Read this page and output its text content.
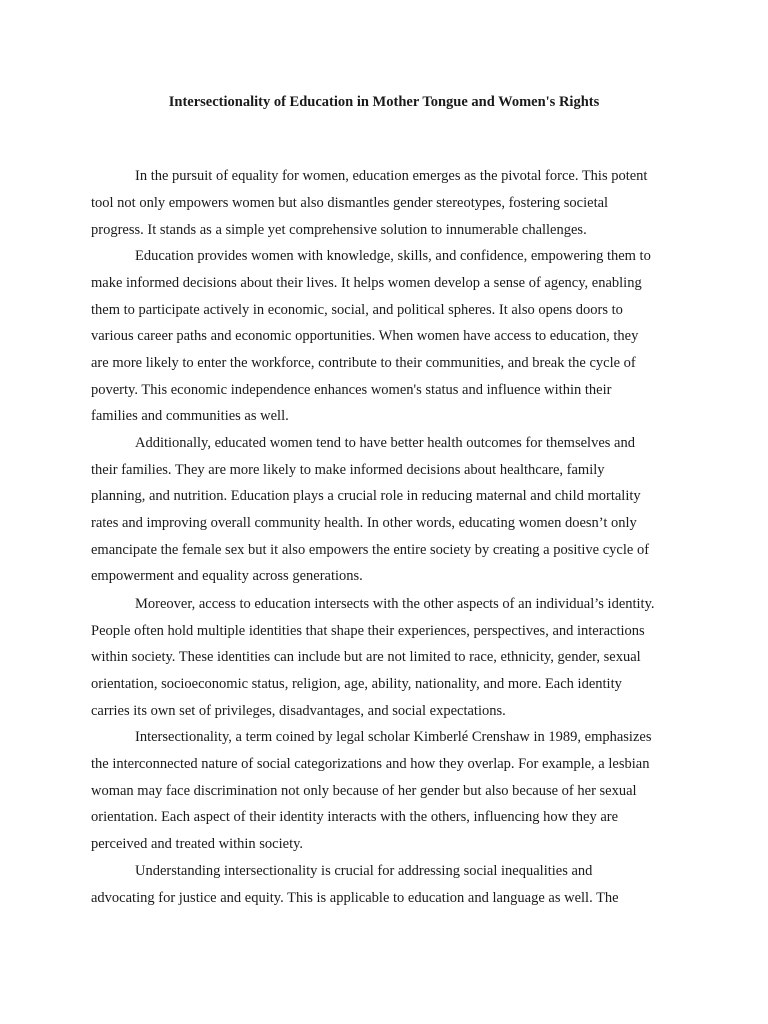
Intersectionality of Education in Mother Tongue and Women's Rights
In the pursuit of equality for women, education emerges as the pivotal force. This potent
tool not only empowers women but also dismantles gender stereotypes, fostering societal
progress. It stands as a simple yet comprehensive solution to innumerable challenges.
Education provides women with knowledge, skills, and confidence, empowering them to
make informed decisions about their lives. It helps women develop a sense of agency, enabling
them to participate actively in economic, social, and political spheres. It also opens doors to
various career paths and economic opportunities. When women have access to education, they
are more likely to enter the workforce, contribute to their communities, and break the cycle of
poverty. This economic independence enhances women's status and influence within their
families and communities as well.
Additionally, educated women tend to have better health outcomes for themselves and
their families. They are more likely to make informed decisions about healthcare, family
planning, and nutrition. Education plays a crucial role in reducing maternal and child mortality
rates and improving overall community health. In other words, educating women doesn’t only
emancipate the female sex but it also empowers the entire society by creating a positive cycle of
empowerment and equality across generations.
Moreover, access to education intersects with the other aspects of an individual’s identity.
People often hold multiple identities that shape their experiences, perspectives, and interactions
within society. These identities can include but are not limited to race, ethnicity, gender, sexual
orientation, socioeconomic status, religion, age, ability, nationality, and more. Each identity
carries its own set of privileges, disadvantages, and social expectations.
Intersectionality, a term coined by legal scholar Kimberlé Crenshaw in 1989, emphasizes
the interconnected nature of social categorizations and how they overlap. For example, a lesbian
woman may face discrimination not only because of her gender but also because of her sexual
orientation. Each aspect of their identity interacts with the others, influencing how they are
perceived and treated within society.
Understanding intersectionality is crucial for addressing social inequalities and
advocating for justice and equity. This is applicable to education and language as well. The
